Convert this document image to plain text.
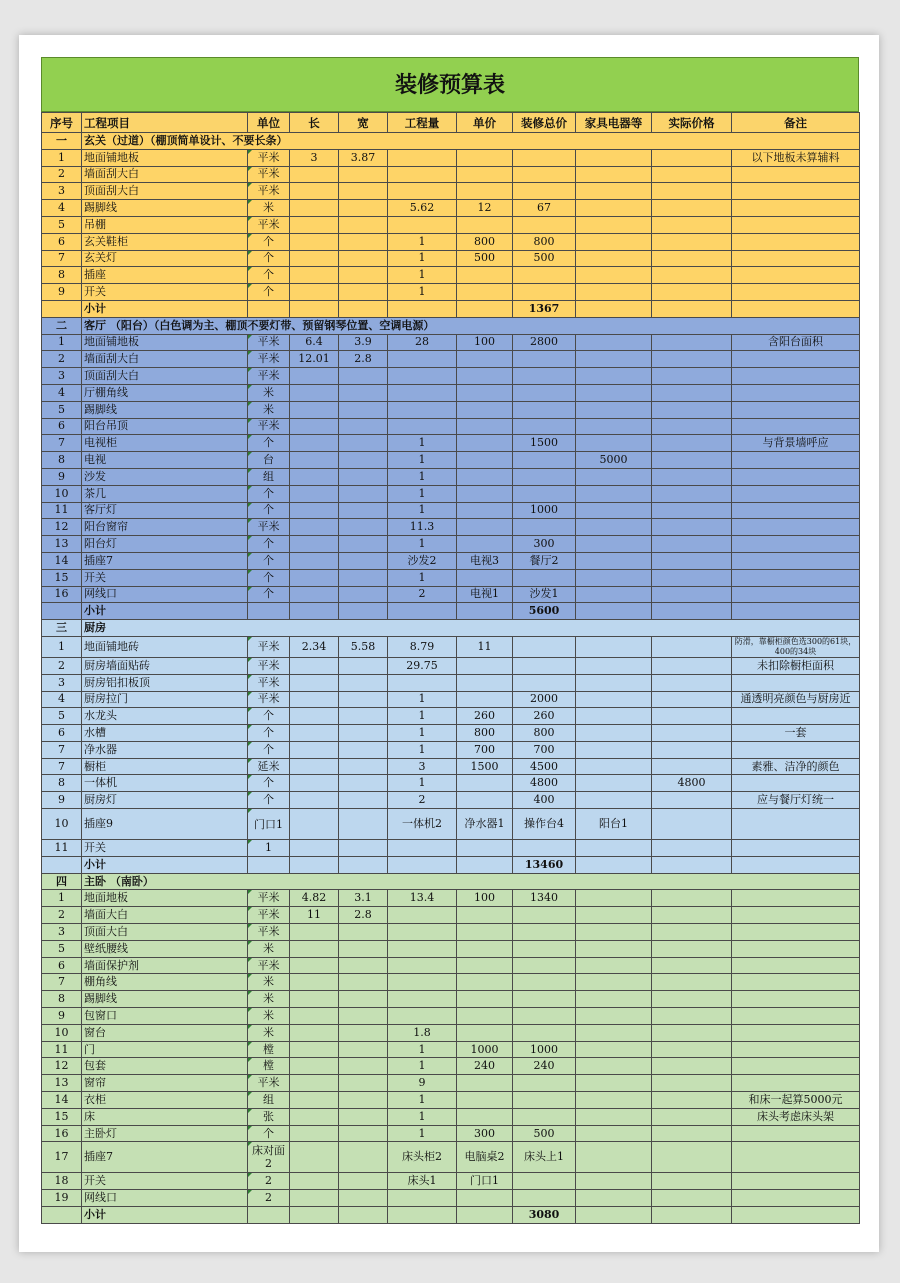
装修预算表
序号	工程项目	单位	长	宽	工程量	单价	装修总价	家具电器等	实际价格	备注
一	玄关（过道）（棚顶简单设计、不要长条）									
1	地面铺地板	平米	3	3.87						以下地板未算辅料
2	墙面刮大白	平米								
3	顶面刮大白	平米								
4	踢脚线	米			5.62	12	67			
5	吊棚	平米								
6	玄关鞋柜	个			1	800	800			
7	玄关灯	个			1	500	500			
8	插座	个			1					
9	开关	个			1					
	小计						1367			
二	客厅 （阳台）（白色调为主、棚顶不要灯带、预留钢琴位置、空调电源）									
1	地面铺地板	平米	6.4	3.9	28	100	2800			含阳台面积
2	墙面刮大白	平米	12.01	2.8						
3	顶面刮大白	平米								
4	厅棚角线	米								
5	踢脚线	米								
6	阳台吊顶	平米								
7	电视柜	个			1		1500			与背景墙呼应
8	电视	台			1			5000		
9	沙发	组			1					
10	茶几	个			1					
11	客厅灯	个			1		1000			
12	阳台窗帘	平米			11.3					
13	阳台灯	个			1		300			
14	插座7	个			沙发2	电视3	餐厅2			
15	开关	个			1					
16	网线口	个			2	电视1	沙发1			
	小计						5600			
三	厨房									
1	地面铺地砖	平米	2.34	5.58	8.79	11				防滑，靠橱柜颜色选300的61块，400的34块
2	厨房墙面贴砖	平米			29.75					未扣除橱柜面积
3	厨房铝扣板顶	平米								
4	厨房拉门	平米			1		2000			通透明亮颜色与厨房近
5	水龙头	个			1	260	260			
6	水槽	个			1	800	800			一套
7	净水器	个			1	700	700			
7	橱柜	延米			3	1500	4500			素雅、洁净的颜色
8	一体机	个			1		4800		4800	
9	厨房灯	个			2		400			应与餐厅灯统一
10	插座9	门口1			一体机2	净水器1	操作台4	阳台1		
11	开关	1								
	小计						13460			
四	主卧 （南卧）									
1	地面地板	平米	4.82	3.1	13.4	100	1340			
2	墙面大白	平米	11	2.8						
3	顶面大白	平米								
5	壁纸腰线	米								
6	墙面保护剂	平米								
7	棚角线	米								
8	踢脚线	米								
9	包窗口	米								
10	窗台	米			1.8					
11	门	樘			1	1000	1000			
12	包套	樘			1	240	240			
13	窗帘	平米			9					
14	衣柜	组			1					和床一起算5000元
15	床	张			1					床头考虑床头架
16	主卧灯	个			1	300	500			
17	插座7	床对面2			床头柜2	电脑桌2	床头上1			
18	开关	2			床头1	门口1				
19	网线口	2								
	小计						3080			
